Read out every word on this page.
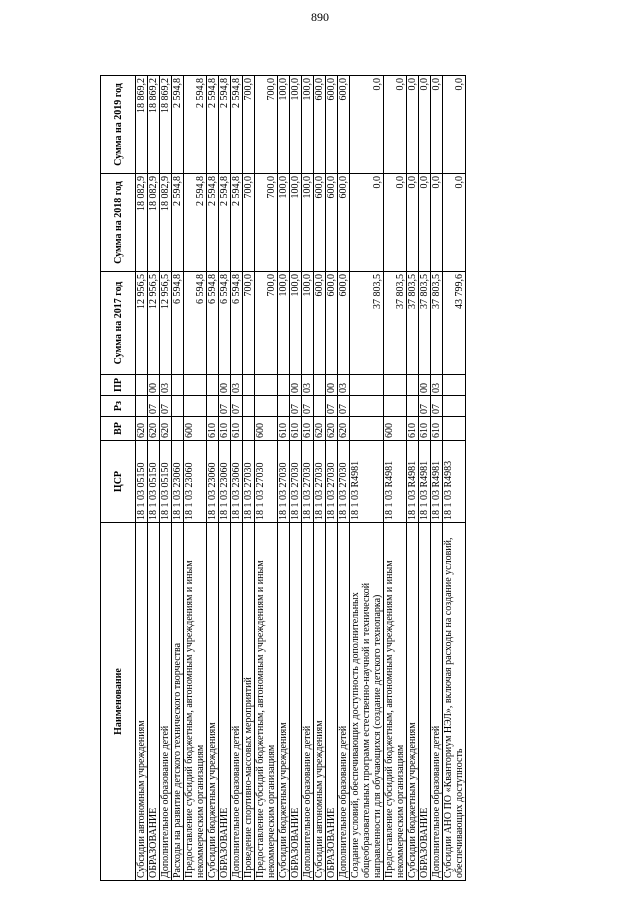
890
Наименование	ЦСР	ВР	Рз	ПР	Сумма на 2017 год	Сумма на 2018 год	Сумма на 2019 год
Субсидии автономным учреждениям	18 1 03 05150	620			12 956,5	18 082,9	18 869,2
ОБРАЗОВАНИЕ	18 1 03 05150	620	07	00	12 956,5	18 082,9	18 869,2
Дополнительное образование детей	18 1 03 05150	620	07	03	12 956,5	18 082,9	18 869,2
Расходы на развитие детского технического творчества	18 1 03 23060				6 594,8	2 594,8	2 594,8
Предоставление субсидий бюджетным, автономным учреждениям и иным некоммерческим организациям	18 1 03 23060	600			6 594,8	2 594,8	2 594,8
Субсидии бюджетным учреждениям	18 1 03 23060	610			6 594,8	2 594,8	2 594,8
ОБРАЗОВАНИЕ	18 1 03 23060	610	07	00	6 594,8	2 594,8	2 594,8
Дополнительное образование детей	18 1 03 23060	610	07	03	6 594,8	2 594,8	2 594,8
Проведение спортивно-массовых мероприятий	18 1 03 27030				700,0	700,0	700,0
Предоставление субсидий бюджетным, автономным учреждениям и иным некоммерческим организациям	18 1 03 27030	600			700,0	700,0	700,0
Субсидии бюджетным учреждениям	18 1 03 27030	610			100,0	100,0	100,0
ОБРАЗОВАНИЕ	18 1 03 27030	610	07	00	100,0	100,0	100,0
Дополнительное образование детей	18 1 03 27030	610	07	03	100,0	100,0	100,0
Субсидии автономным учреждениям	18 1 03 27030	620			600,0	600,0	600,0
ОБРАЗОВАНИЕ	18 1 03 27030	620	07	00	600,0	600,0	600,0
Дополнительное образование детей	18 1 03 27030	620	07	03	600,0	600,0	600,0
Создание условий, обеспечивающих доступность дополнительных общеобразовательных программ естественно-научной и технической направленности для обучающихся (создание детского технопарка)	18 1 03 R4981				37 803,5	0,0	0,0
Предоставление субсидий бюджетным, автономным учреждениям и иным некоммерческим организациям	18 1 03 R4981	600			37 803,5	0,0	0,0
Субсидии бюджетным учреждениям	18 1 03 R4981	610			37 803,5	0,0	0,0
ОБРАЗОВАНИЕ	18 1 03 R4981	610	07	00	37 803,5	0,0	0,0
Дополнительное образование детей	18 1 03 R4981	610	07	03	37 803,5	0,0	0,0
Субсидии АНО ПО «Кванториум НЭЛ», включая расходы на создание условий, обеспечивающих доступность	18 1 03 R4983				43 799,6	0,0	0,0
